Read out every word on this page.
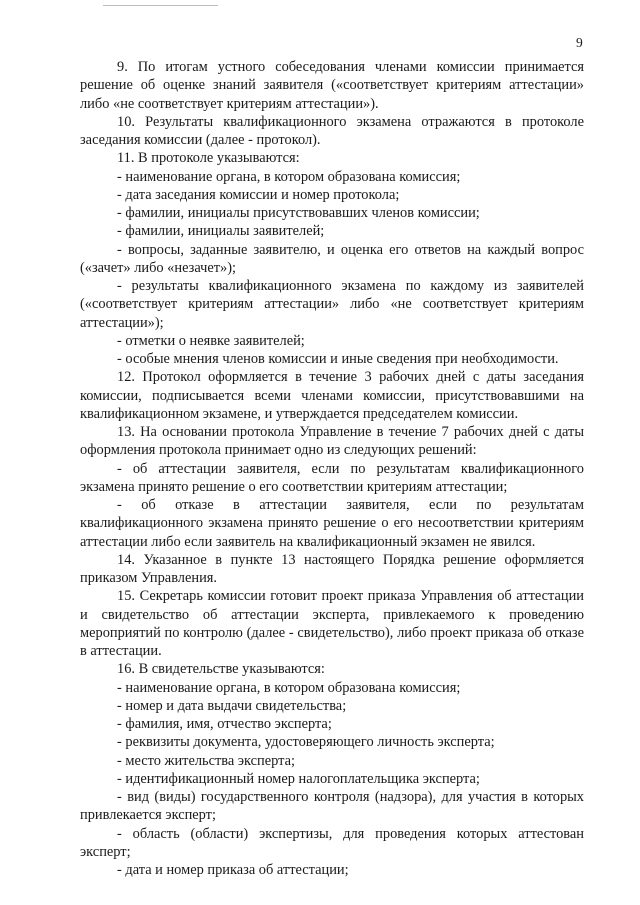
9

9. По итогам устного собеседования членами комиссии принимается решение об оценке знаний заявителя («соответствует критериям аттестации» либо «не соответствует критериям аттестации»).

10. Результаты квалификационного экзамена отражаются в протоколе заседания комиссии (далее - протокол).

11. В протоколе указываются:

- наименование органа, в котором образована комиссия;

- дата заседания комиссии и номер протокола;

- фамилии, инициалы присутствовавших членов комиссии;

- фамилии, инициалы заявителей;

- вопросы, заданные заявителю, и оценка его ответов на каждый вопрос («зачет» либо «незачет»);

- результаты квалификационного экзамена по каждому из заявителей («соответствует критериям аттестации» либо «не соответствует критериям аттестации»);

- отметки о неявке заявителей;

- особые мнения членов комиссии и иные сведения при необходимости.

12. Протокол оформляется в течение 3 рабочих дней с даты заседания комиссии, подписывается всеми членами комиссии, присутствовавшими на квалификационном экзамене, и утверждается председателем комиссии.

13. На основании протокола Управление в течение 7 рабочих дней с даты оформления протокола принимает одно из следующих решений:

- об аттестации заявителя, если по результатам квалификационного экзамена принято решение о его соответствии критериям аттестации;

- об отказе в аттестации заявителя, если по результатам квалификационного экзамена принято решение о его несоответствии критериям аттестации либо если заявитель на квалификационный экзамен не явился.

14. Указанное в пункте 13 настоящего Порядка решение оформляется приказом Управления.

15. Секретарь комиссии готовит проект приказа Управления об аттестации и свидетельство об аттестации эксперта, привлекаемого к проведению мероприятий по контролю (далее - свидетельство), либо проект приказа об отказе в аттестации.

16. В свидетельстве указываются:

- наименование органа, в котором образована комиссия;

- номер и дата выдачи свидетельства;

- фамилия, имя, отчество эксперта;

- реквизиты документа, удостоверяющего личность эксперта;

- место жительства эксперта;

- идентификационный номер налогоплательщика эксперта;

- вид (виды) государственного контроля (надзора), для участия в которых привлекается эксперт;

- область (области) экспертизы, для проведения которых аттестован эксперт;

- дата и номер приказа об аттестации;
